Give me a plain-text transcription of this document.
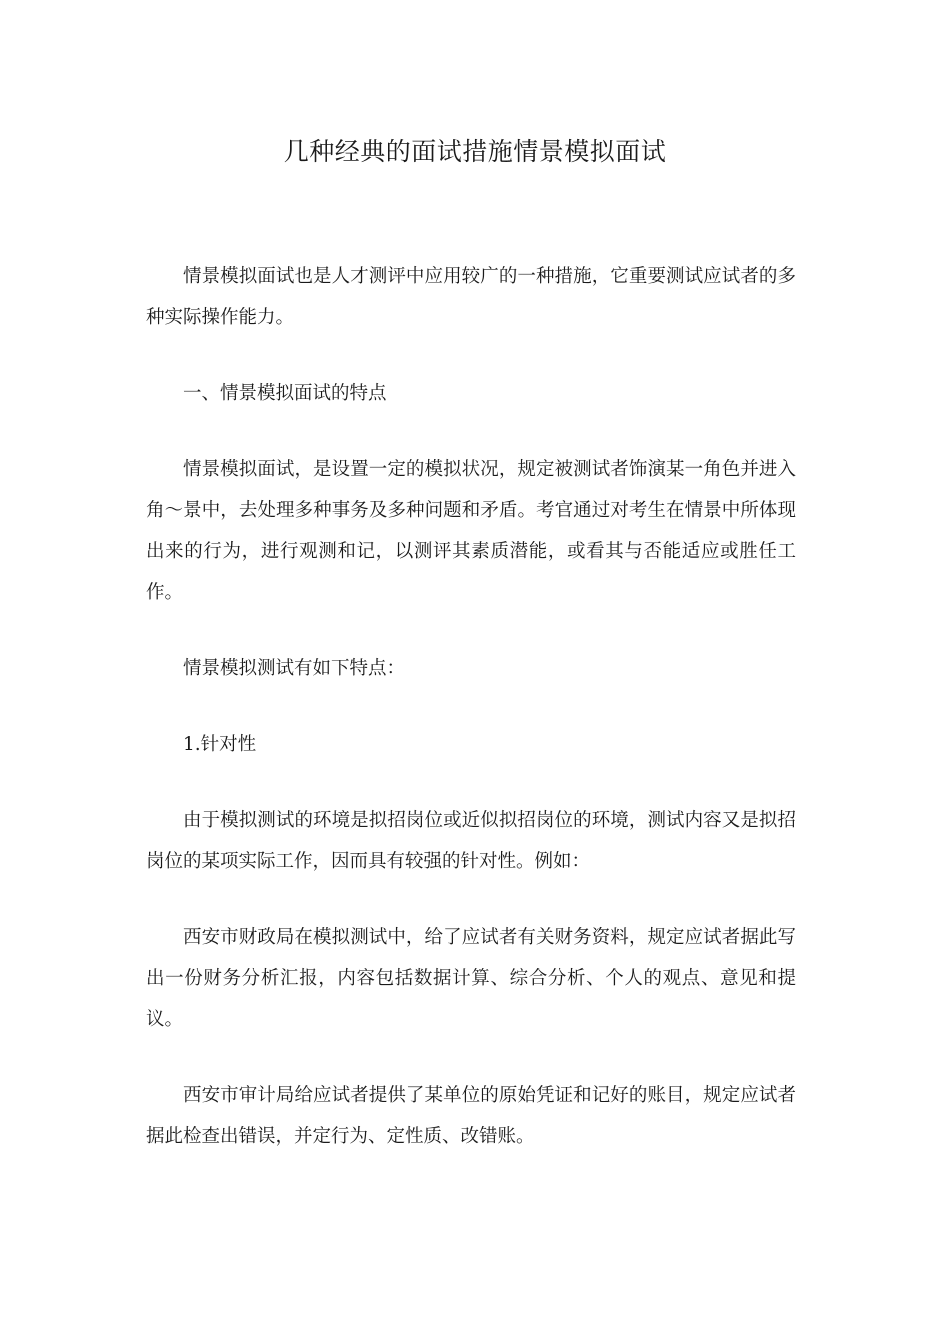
几种经典的面试措施情景模拟面试

情景模拟面试也是人才测评中应用较广的一种措施，它重要测试应试者的多种实际操作能力。

一、情景模拟面试的特点

情景模拟面试，是设置一定的模拟状况，规定被测试者饰演某一角色并进入角～景中，去处理多种事务及多种问题和矛盾。考官通过对考生在情景中所体现出来的行为，进行观测和记，以测评其素质潜能，或看其与否能适应或胜任工作。

情景模拟测试有如下特点：

1.针对性

由于模拟测试的环境是拟招岗位或近似拟招岗位的环境，测试内容又是拟招岗位的某项实际工作，因而具有较强的针对性。例如：

西安市财政局在模拟测试中，给了应试者有关财务资料，规定应试者据此写出一份财务分析汇报，内容包括数据计算、综合分析、个人的观点、意见和提议。

西安市审计局给应试者提供了某单位的原始凭证和记好的账目，规定应试者据此检查出错误，并定行为、定性质、改错账。
